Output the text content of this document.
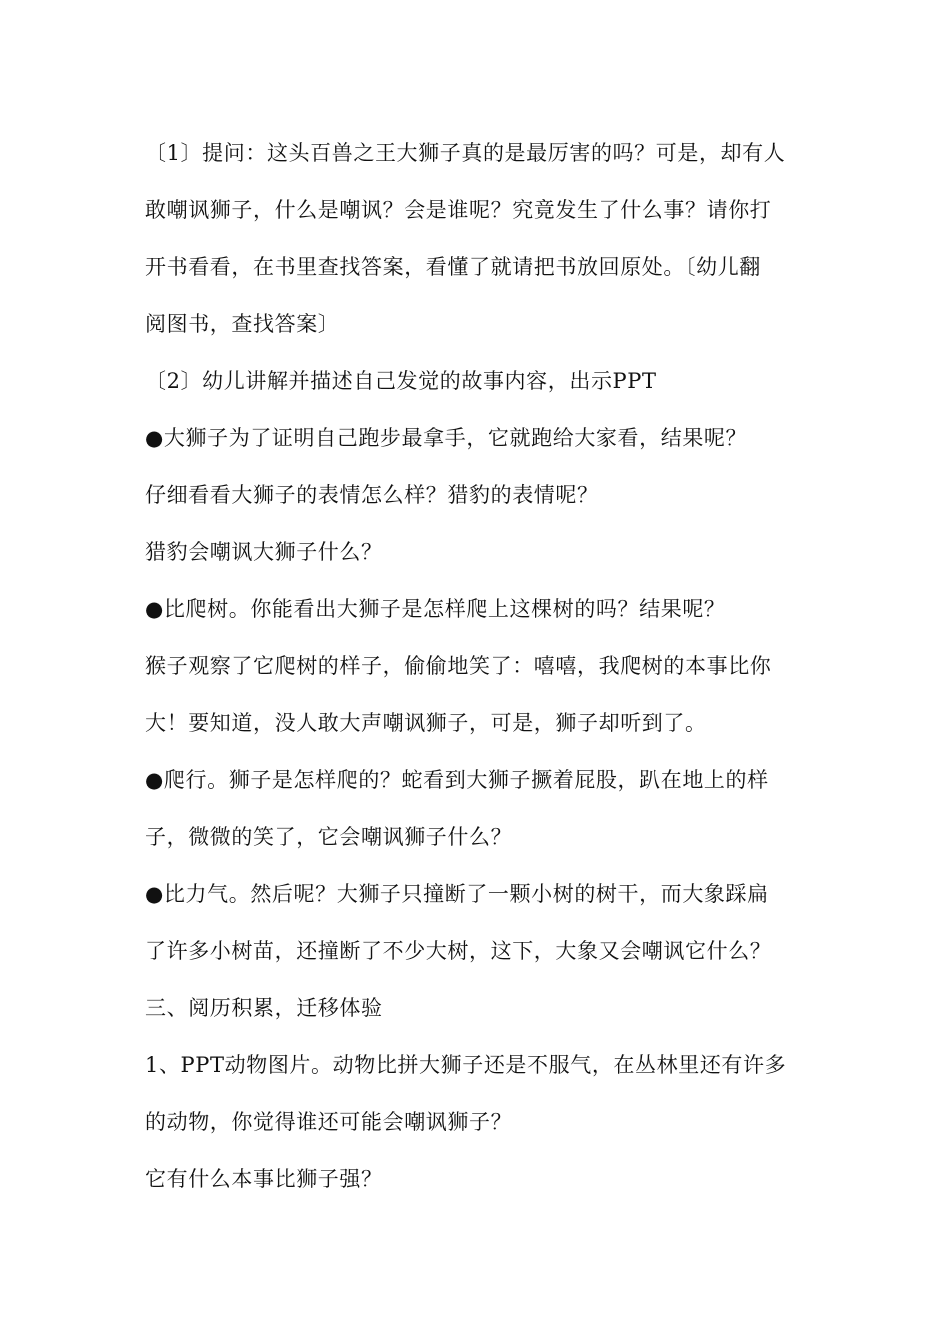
〔1〕提问：这头百兽之王大狮子真的是最厉害的吗？可是，却有人
敢嘲讽狮子，什么是嘲讽？会是谁呢？究竟发生了什么事？请你打
开书看看，在书里查找答案，看懂了就请把书放回原处。〔幼儿翻
阅图书，查找答案〕
〔2〕幼儿讲解并描述自己发觉的故事内容，出示PPT
●大狮子为了证明自己跑步最拿手，它就跑给大家看，结果呢？
仔细看看大狮子的表情怎么样？猎豹的表情呢？
猎豹会嘲讽大狮子什么？
●比爬树。你能看出大狮子是怎样爬上这棵树的吗？结果呢？
猴子观察了它爬树的样子，偷偷地笑了：嘻嘻，我爬树的本事比你
大！要知道，没人敢大声嘲讽狮子，可是，狮子却听到了。
●爬行。狮子是怎样爬的？蛇看到大狮子撅着屁股，趴在地上的样
子，微微的笑了，它会嘲讽狮子什么？
●比力气。然后呢？大狮子只撞断了一颗小树的树干，而大象踩扁
了许多小树苗，还撞断了不少大树，这下，大象又会嘲讽它什么？
三、阅历积累，迁移体验
1、PPT动物图片。动物比拼大狮子还是不服气，在丛林里还有许多
的动物，你觉得谁还可能会嘲讽狮子？
它有什么本事比狮子强？
